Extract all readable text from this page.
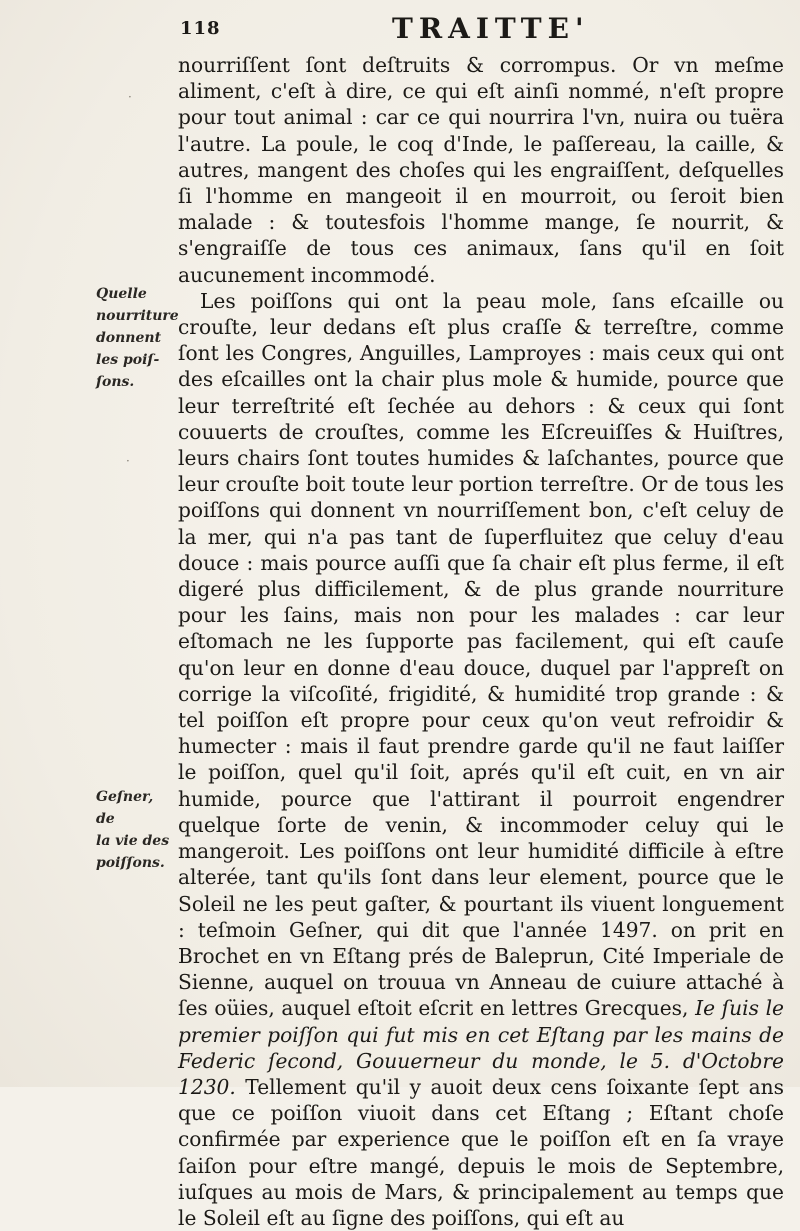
118	TRAITTE'

nourriſſent ſont deſtruits & corrompus. Or vn meſme aliment, c'eſt à dire, ce qui eſt ainſi nommé, n'eſt propre pour tout animal : car ce qui nourrira l'vn, nuira ou tuëra l'autre. La poule, le coq d'Inde, le paſſereau, la caille, & autres, mangent des choſes qui les engraiſſent, deſquelles ſi l'homme en mangeoit il en mourroit, ou ſeroit bien malade : & toutesfois l'homme mange, ſe nourrit, & s'engraiſſe de tous ces animaux, ſans qu'il en ſoit aucunement incommodé.

Les poiſſons qui ont la peau mole, ſans eſcaille ou crouſte, leur dedans eſt plus craſſe & terreſtre, comme ſont les Congres, Anguilles, Lamproyes : mais ceux qui ont des eſcailles ont la chair plus mole & humide, pource que leur terreſtrité eſt ſechée au dehors : & ceux qui ſont couuerts de crouſtes, comme les Eſcreuiſſes & Huiſtres, leurs chairs ſont toutes humides & laſchantes, pource que leur crouſte boit toute leur portion terreſtre. Or de tous les poiſſons qui donnent vn nourriſſement bon, c'eſt celuy de la mer, qui n'a pas tant de ſuperfluitez que celuy d'eau douce : mais pource auſſi que ſa chair eſt plus ferme, il eſt digeré plus difficilement, & de plus grande nourriture pour les ſains, mais non pour les malades : car leur eſtomach ne les ſupporte pas facilement, qui eſt cauſe qu'on leur en donne d'eau douce, duquel par l'appreſt on corrige la viſcoſité, frigidité, & humidité trop grande : & tel poiſſon eſt propre pour ceux qu'on veut refroidir & humecter : mais il faut prendre garde qu'il ne faut laiſſer le poiſſon, quel qu'il ſoit, aprés qu'il eſt cuit, en vn air humide, pource que l'attirant il pourroit engendrer quelque ſorte de venin, & incommoder celuy qui le mangeroit. Les poiſſons ont leur humidité difficile à eſtre alterée, tant qu'ils ſont dans leur element, pource que le Soleil ne les peut gaſter, & pourtant ils viuent longuement : teſmoin Geſner, qui dit que l'année 1497. on prit en Brochet en vn Eſtang prés de Baleprun, Cité Imperiale de Sienne, auquel on trouua vn Anneau de cuiure attaché à ſes oüies, auquel eſtoit eſcrit en lettres Grecques, Ie ſuis le premier poiſſon qui fut mis en cet Eſtang par les mains de Federic ſecond, Gouuerneur du monde, le 5. d'Octobre 1230. Tellement qu'il y auoit deux cens ſoixante ſept ans que ce poiſſon viuoit dans cet Eſtang ; Eſtant choſe confirmée par experience que le poiſſon eſt en ſa vraye ſaiſon pour eſtre mangé, depuis le mois de Septembre, iuſques au mois de Mars, & principalement au temps que le Soleil eſt au ſigne des poiſſons, qui eſt au

Quelle
nourriture
donnent
les poiſ-
ſons.
Geſner, de
la vie des
poiſſons.
·
·
